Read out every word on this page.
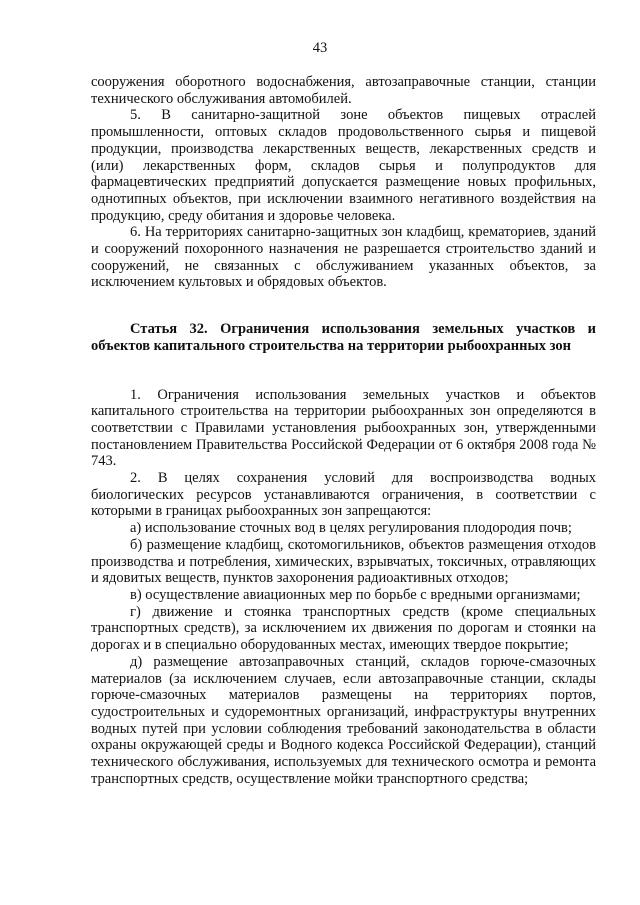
43

сооружения оборотного водоснабжения, автозаправочные станции, станции технического обслуживания автомобилей.

5. В санитарно-защитной зоне объектов пищевых отраслей промышленности, оптовых складов продовольственного сырья и пищевой продукции, производства лекарственных веществ, лекарственных средств и (или) лекарственных форм, складов сырья и полупродуктов для фармацевтических предприятий допускается размещение новых профильных, однотипных объектов, при исключении взаимного негативного воздействия на продукцию, среду обитания и здоровье человека.

6. На территориях санитарно-защитных зон кладбищ, крематориев, зданий и сооружений похоронного назначения не разрешается строительство зданий и сооружений, не связанных с обслуживанием указанных объектов, за исключением культовых и обрядовых объектов.

Статья 32. Ограничения использования земельных участков и объектов капитального строительства на территории рыбоохранных зон

1. Ограничения использования земельных участков и объектов капитального строительства на территории рыбоохранных зон определяются в соответствии с Правилами установления рыбоохранных зон, утвержденными постановлением Правительства Российской Федерации от 6 октября 2008 года № 743.

2. В целях сохранения условий для воспроизводства водных биологических ресурсов устанавливаются ограничения, в соответствии с которыми в границах рыбоохранных зон запрещаются:

а) использование сточных вод в целях регулирования плодородия почв;

б) размещение кладбищ, скотомогильников, объектов размещения отходов производства и потребления, химических, взрывчатых, токсичных, отравляющих и ядовитых веществ, пунктов захоронения радиоактивных отходов;

в) осуществление авиационных мер по борьбе с вредными организмами;

г) движение и стоянка транспортных средств (кроме специальных транспортных средств), за исключением их движения по дорогам и стоянки на дорогах и в специально оборудованных местах, имеющих твердое покрытие;

д) размещение автозаправочных станций, складов горюче-смазочных материалов (за исключением случаев, если автозаправочные станции, склады горюче-смазочных материалов размещены на территориях портов, судостроительных и судоремонтных организаций, инфраструктуры внутренних водных путей при условии соблюдения требований законодательства в области охраны окружающей среды и Водного кодекса Российской Федерации), станций технического обслуживания, используемых для технического осмотра и ремонта транспортных средств, осуществление мойки транспортного средства;
